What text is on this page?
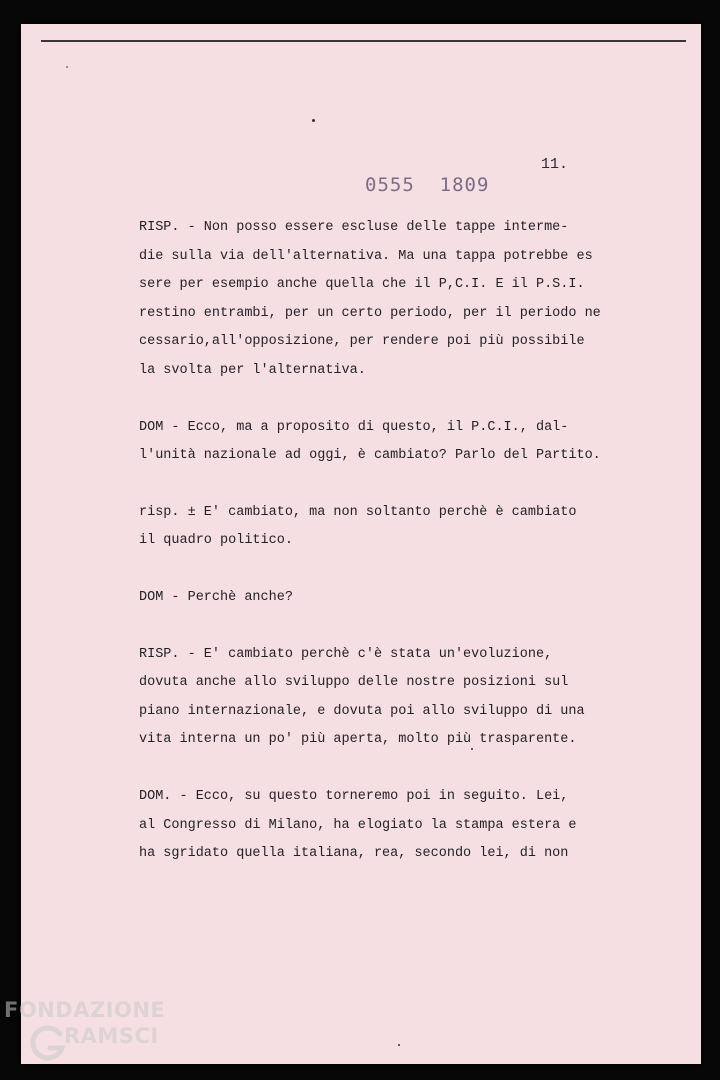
11.
0555  1809
RISP. - Non posso essere escluse delle tappe interme-
die sulla via dell'alternativa. Ma una tappa potrebbe es
sere per esempio anche quella che il P,C.I. E il P.S.I.
restino entrambi, per un certo periodo, per il periodo ne
cessario,all'opposizione, per rendere poi più possibile
la svolta per l'alternativa.
DOM - Ecco, ma a proposito di questo, il P.C.I., dal-
l'unità nazionale ad oggi, è cambiato? Parlo del Partito.
risp. ± E' cambiato, ma non soltanto perchè è cambiato
il quadro politico.
DOM - Perchè anche?
RISP. - E' cambiato perchè c'è stata un'evoluzione,
dovuta anche allo sviluppo delle nostre posizioni sul
piano internazionale, e dovuta poi allo sviluppo di una
vita interna un po' più aperta, molto più trasparente.
DOM. - Ecco, su questo torneremo poi in seguito. Lei,
al Congresso di Milano, ha elogiato la stampa estera e
ha sgridato quella italiana, rea, secondo lei, di non
FONDAZIONE
RAMSCI
